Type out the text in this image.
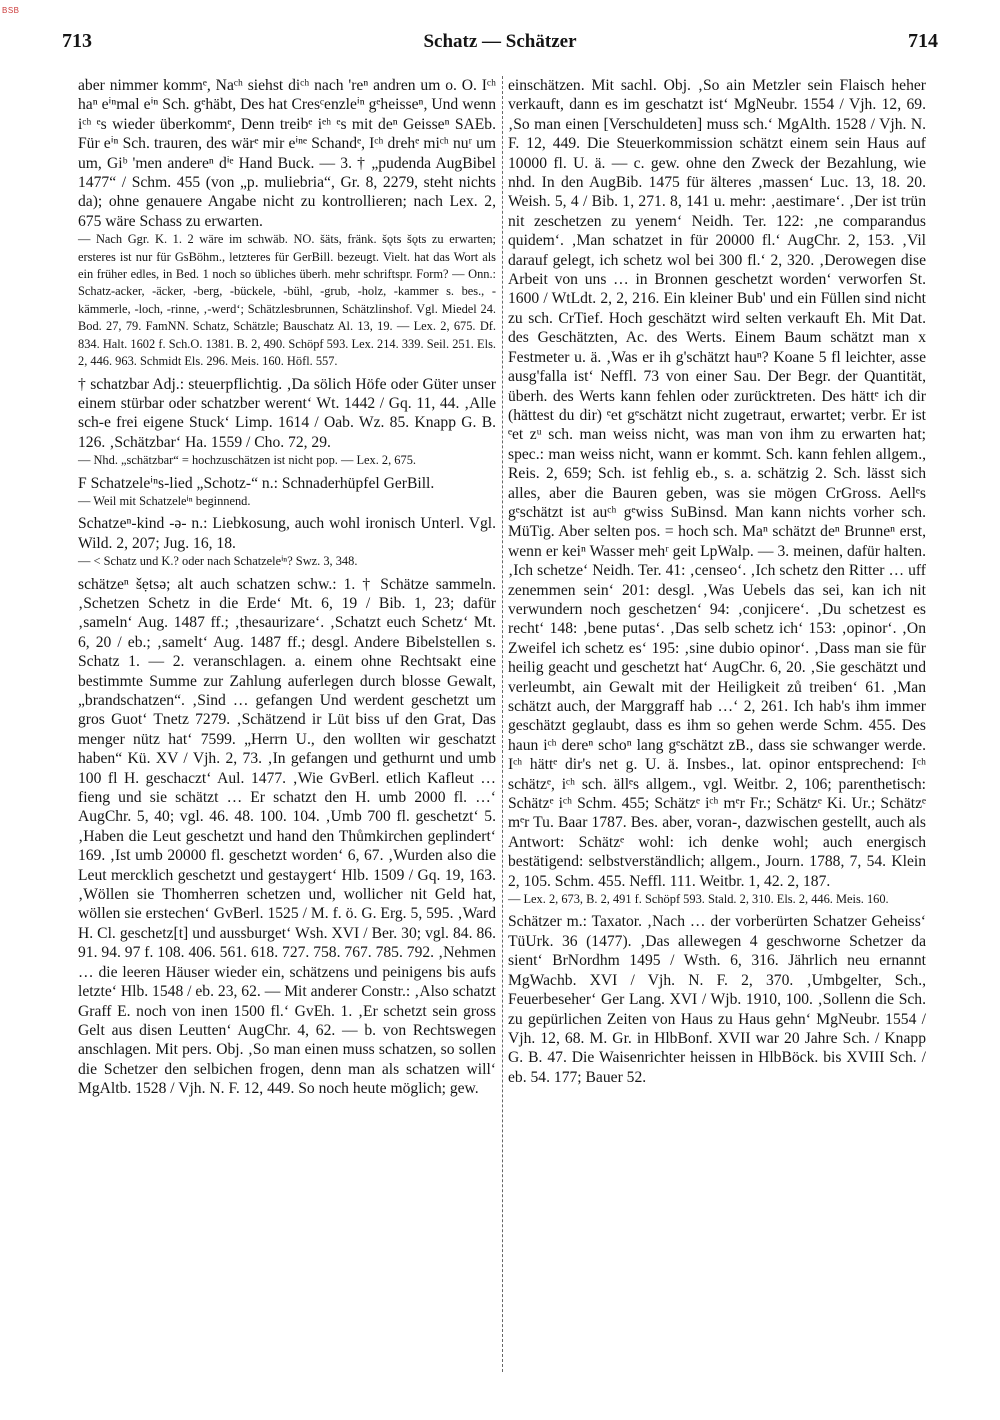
BSB
713	Schatz — Schätzer	714

aber nimmer kommᵉ, Naᶜʰ siehst diᶜʰ nach 'reⁿ andren um o. O. Iᶜʰ haⁿ eⁱⁿmal eⁱⁿ Sch. gᵉhäbt, Des hat Cresᶜenzleⁱⁿ gᵉheisseⁿ, Und wenn iᶜʰ ᵉs wieder überkommᵉ, Denn treibᵉ iᵉʰ ᵉs mit deⁿ Geisseⁿ SAEb. Für eⁱⁿ Sch. trauren, des wärᵉ mir eⁱⁿᵉ Schandᵉ, Iᶜʰ drehᵉ miᶜʰ nuʳ um um, Giᵇ 'men andereⁿ dⁱᵉ Hand Buck. — 3. † „pudenda AugBibel 1477“ / Schm. 455 (von „p. muliebria“, Gr. 8, 2279, steht nichts da); ohne genauere Angabe nicht zu kontrollieren; nach Lex. 2, 675 wäre Schass zu erwarten.

— Nach Ggr. K. 1. 2 wäre im schwäb. NO. šäts, fränk. šǫts šǫts zu erwarten; ersteres ist nur für GsBöhm., letzteres für GerBill. bezeugt. Vielt. hat das Wort als ein früher edles, in Bed. 1 noch so übliches überh. mehr schriftspr. Form? — Onn.: Schatz-acker, -äcker, -berg, -bückele, -bühl, -grub, -holz, -kammer s. bes., -kämmerle, -loch, -rinne, ‚-werd‘; Schätzlesbrunnen, Schätzlinshof. Vgl. Miedel 24. Bod. 27, 79. FamNN. Schatz, Schätzle; Bauschatz Al. 13, 19. — Lex. 2, 675. Df. 834. Halt. 1602 f. Sch.O. 1381. B. 2, 490. Schöpf 593. Lex. 214. 339. Seil. 251. Els. 2, 446. 963. Schmidt Els. 296. Meis. 160. Höfl. 557.

† schatzbar Adj.: steuerpflichtig. ‚Da sölich Höfe oder Güter unser einem stürbar oder schatzber werent‘ Wt. 1442 / Gq. 11, 44. ‚Alle sch-e frei eigene Stuck‘ Limp. 1614 / Oab. Wz. 85. Knapp G. B. 126. ‚Schätzbar‘ Ha. 1559 / Cho. 72, 29.

— Nhd. „schätzbar“ = hochzuschätzen ist nicht pop. — Lex. 2, 675.

F Schatzeleⁱⁿs-lied „Schotz-“ n.: Schnaderhüpfel GerBill.

— Weil mit Schatzeleⁱⁿ beginnend.

Schatzeⁿ-kind -ə- n.: Liebkosung, auch wohl ironisch Unterl. Vgl. Wild. 2, 207; Jug. 16, 18.

— < Schatz und K.? oder nach Schatzeleⁱⁿ? Swz. 3, 348.

schätzeⁿ šẹtsə; alt auch schatzen schw.: 1. † Schätze sammeln. ‚Schetzen Schetz in die Erde‘ Mt. 6, 19 / Bib. 1, 23; dafür ‚sameln‘ Aug. 1487 ff.; ‚thesaurizare‘. ‚Schatzt euch Schetz‘ Mt. 6, 20 / eb.; ‚samelt‘ Aug. 1487 ff.; desgl. Andere Bibelstellen s. Schatz 1. — 2. veranschlagen. a. einem ohne Rechtsakt eine bestimmte Summe zur Zahlung auferlegen durch blosse Gewalt, „brandschatzen“. ‚Sind … gefangen Und werdent geschetzt um gros Guot‘ Tnetz 7279. ‚Schätzend ir Lüt biss uf den Grat, Das menger nütz hat‘ 7599. „Herrn U., den wollten wir geschatzt haben“ Kü. XV / Vjh. 2, 73. ‚In gefangen und gethurnt und umb 100 fl H. geschaczt‘ Aul. 1477. ‚Wie GvBerl. etlich Kafleut … fieng und sie schätzt … Er schatzt den H. umb 2000 fl. …‘ AugChr. 5, 40; vgl. 46. 48. 100. 104. ‚Umb 700 fl. geschetzt‘ 5. ‚Haben die Leut geschetzt und hand den Thůmkirchen geplindert‘ 169. ‚Ist umb 20000 fl. geschetzt worden‘ 6, 67. ‚Wurden also die Leut mercklich geschetzt und gestaygert‘ Hlb. 1509 / Gq. 19, 163. ‚Wöllen sie Thomherren schetzen und, wollicher nit Geld hat, wöllen sie erstechen‘ GvBerl. 1525 / M. f. ö. G. Erg. 5, 595. ‚Ward H. Cl. geschetz[t] und aussburget‘ Wsh. XVI / Ber. 30; vgl. 84. 86. 91. 94. 97 f. 108. 406. 561. 618. 727. 758. 767. 785. 792. ‚Nehmen … die leeren Häuser wieder ein, schätzens und peinigens bis aufs letzte‘ Hlb. 1548 / eb. 23, 62. — Mit anderer Constr.: ‚Also schatzt Graff E. noch von inen 1500 fl.‘ GvEh. 1. ‚Er schetzt sein gross Gelt aus disen Leutten‘ AugChr. 4, 62. — b. von Rechtswegen anschlagen. Mit pers. Obj. ‚So man einen muss schatzen, so sollen die Schetzer den selbichen frogen, denn man als schatzen will‘ MgAltb. 1528 / Vjh. N. F. 12, 449. So noch heute möglich; gew.

einschätzen. Mit sachl. Obj. ‚So ain Metzler sein Flaisch heher verkauft, dann es im geschatzt ist‘ MgNeubr. 1554 / Vjh. 12, 69. ‚So man einen [Verschuldeten] muss sch.‘ MgAlth. 1528 / Vjh. N. F. 12, 449. Die Steuerkommission schätzt einem sein Haus auf 10000 fl. U. ä. — c. gew. ohne den Zweck der Bezahlung, wie nhd. In den AugBib. 1475 für älteres ‚massen‘ Luc. 13, 18. 20. Weish. 5, 4 / Bib. 1, 271. 8, 141 u. mehr: ‚aestimare‘. ‚Der ist trün nit zeschetzen zu yenem‘ Neidh. Ter. 122: ‚ne comparandus quidem‘. ‚Man schatzet in für 20000 fl.‘ AugChr. 2, 153. ‚Vil darauf gelegt, ich schetz wol bei 300 fl.‘ 2, 320. ‚Derowegen dise Arbeit von uns … in Bronnen geschetzt worden‘ verworfen St. 1600 / WtLdt. 2, 2, 216. Ein kleiner Bub' und ein Füllen sind nicht zu sch. CrTief. Hoch geschätzt wird selten verkauft Eh. Mit Dat. des Geschätzten, Ac. des Werts. Einem Baum schätzt man x Festmeter u. ä. ‚Was er ih g'schätzt hauⁿ? Koane 5 fl leichter, asse ausg'falla ist‘ Neffl. 73 von einer Sau. Der Begr. der Quantität, überh. des Werts kann fehlen oder zurücktreten. Des hättᵉ ich dir (hättest du dir) ᵉet gᵉschätzt nicht zugetraut, erwartet; verbr. Er ist ᵉet zᵘ sch. man weiss nicht, was man von ihm zu erwarten hat; spec.: man weiss nicht, wann er kommt. Sch. kann fehlen allgem., Reis. 2, 659; Sch. ist fehlig eb., s. a. schätzig 2. Sch. lässt sich alles, aber die Bauren geben, was sie mögen CrGross. Aellᵉs gᵉschätzt ist auᶜʰ gᵉwiss SuBinsd. Man kann nichts vorher sch. MüTig. Aber selten pos. = hoch sch. Maⁿ schätzt deⁿ Brunneⁿ erst, wenn er keiⁿ Wasser mehʳ geit LpWalp. — 3. meinen, dafür halten. ‚Ich schetze‘ Neidh. Ter. 41: ‚censeo‘. ‚Ich schetz den Ritter … uff zenemmen sein‘ 201: desgl. ‚Was Uebels das sei, kan ich nit verwundern noch geschetzen‘ 94: ‚conjicere‘. ‚Du schetzest es recht‘ 148: ‚bene putas‘. ‚Das selb schetz ich‘ 153: ‚opinor‘. ‚On Zweifel ich schetz es‘ 195: ‚sine dubio opinor‘. ‚Dass man sie für heilig geacht und geschetzt hat‘ AugChr. 6, 20. ‚Sie geschätzt und verleumbt, ain Gewalt mit der Heiligkeit zů treiben‘ 61. ‚Man schätzt auch, der Marggraff hab …‘ 2, 261. Ich hab's ihm immer geschätzt geglaubt, dass es ihm so gehen werde Schm. 455. Des haun iᶜʰ dereⁿ schoⁿ lang gᵉschätzt zB., dass sie schwanger werde. Iᶜʰ hättᵉ dir's net g. U. ä. Insbes., lat. opinor entsprechend: Iᶜʰ schätzᵉ, iᶜʰ sch. ällᵉs allgem., vgl. Weitbr. 2, 106; parenthetisch: Schätzᵉ iᶜʰ Schm. 455; Schätzᵉ iᶜʰ mᵉr Fr.; Schätzᵉ Ki. Ur.; Schätzᵉ mᵉr Tu. Baar 1787. Bes. aber, voran-, dazwischen gestellt, auch als Antwort: Schätzᵉ wohl: ich denke wohl; auch energisch bestätigend: selbstverständlich; allgem., Journ. 1788, 7, 54. Klein 2, 105. Schm. 455. Neffl. 111. Weitbr. 1, 42. 2, 187.

— Lex. 2, 673, B. 2, 491 f. Schöpf 593. Stald. 2, 310. Els. 2, 446. Meis. 160.

Schätzer m.: Taxator. ‚Nach … der vorberürten Schatzer Geheiss‘ TüUrk. 36 (1477). ‚Das allewegen 4 geschworne Schetzer da sient‘ BrNordhm 1495 / Wsth. 6, 316. Jährlich neu ernannt MgWachb. XVI / Vjh. N. F. 2, 370. ‚Umbgelter, Sch., Feuerbeseher‘ Ger Lang. XVI / Wjb. 1910, 100. ‚Sollenn die Sch. zu gepürlichen Zeiten von Haus zu Haus gehn‘ MgNeubr. 1554 / Vjh. 12, 68. M. Gr. in HlbBonf. XVII war 20 Jahre Sch. / Knapp G. B. 47. Die Waisenrichter heissen in HlbBöck. bis XVIII Sch. / eb. 54. 177; Bauer 52.
